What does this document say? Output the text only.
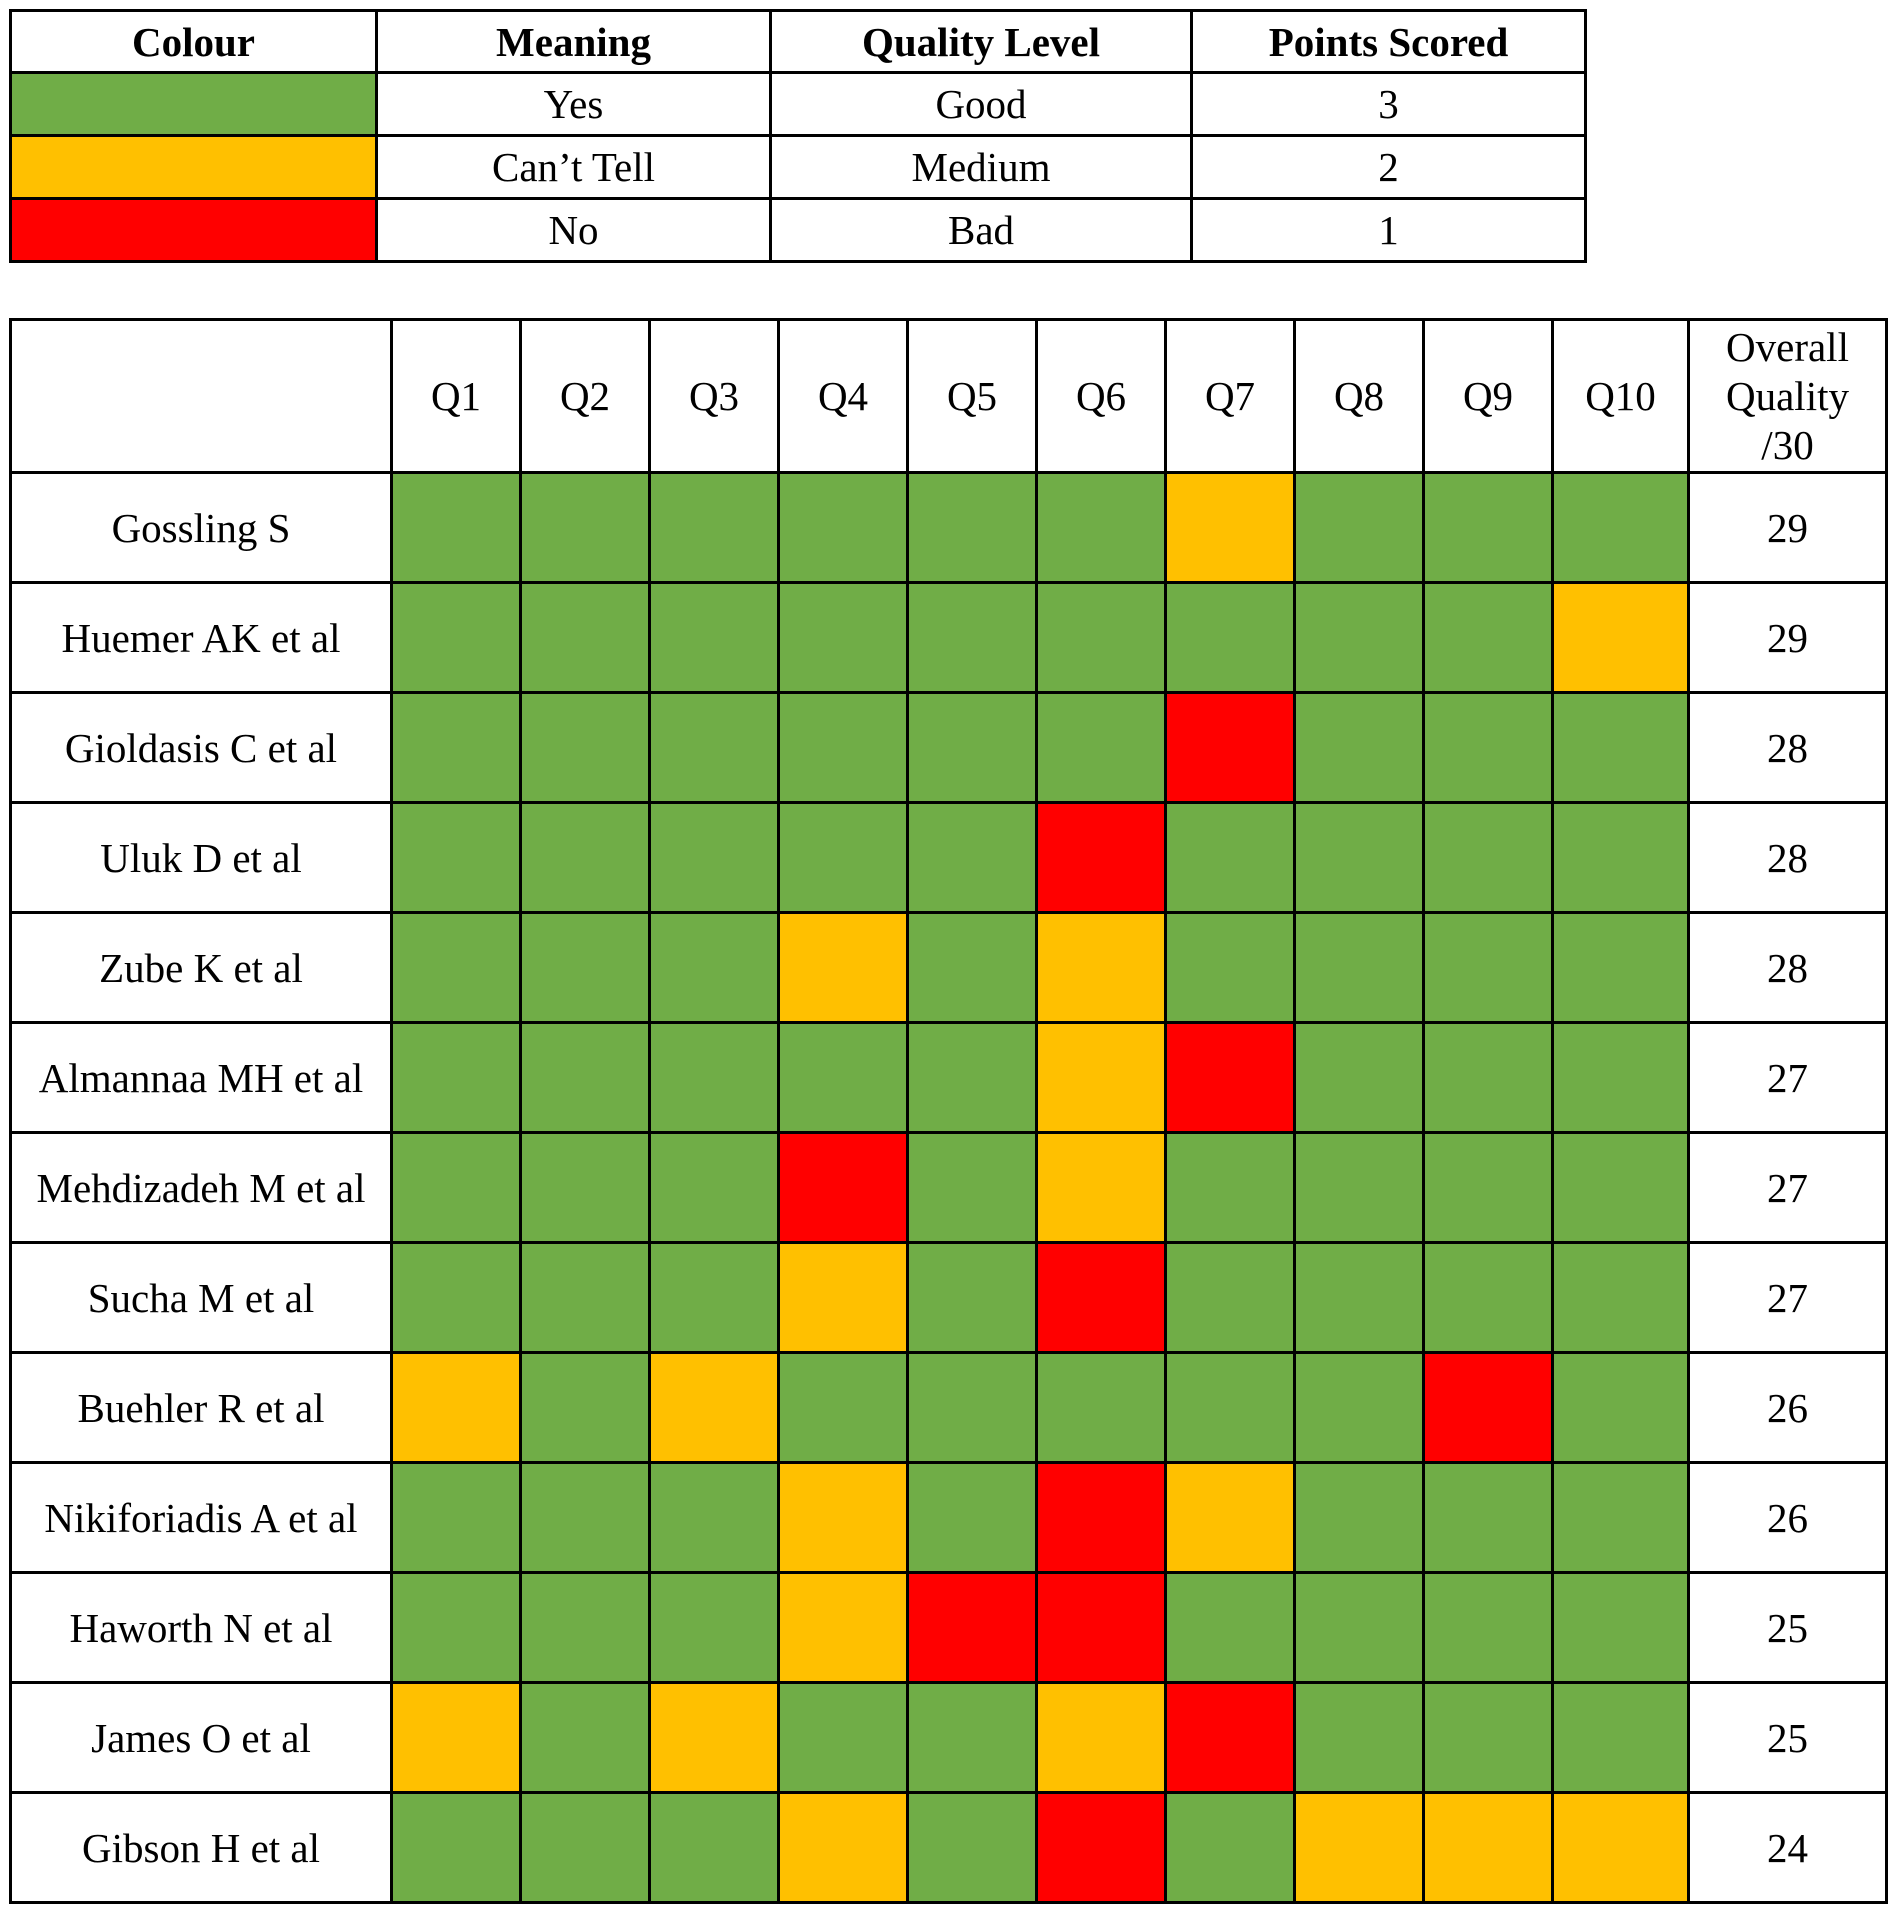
Colour	Meaning	Quality Level	Points Scored
	Yes	Good	3
	Can’t Tell	Medium	2
	No	Bad	1
	Q1	Q2	Q3	Q4	Q5	Q6	Q7	Q8	Q9	Q10	Overall
Quality
/30

Gossling S											29
Huemer AK et al											29
Gioldasis C et al											28
Uluk D et al											28
Zube K et al											28
Almannaa MH et al											27
Mehdizadeh M et al											27
Sucha M et al											27
Buehler R et al											26
Nikiforiadis A et al											26
Haworth N et al											25
James O et al											25
Gibson H et al											24
